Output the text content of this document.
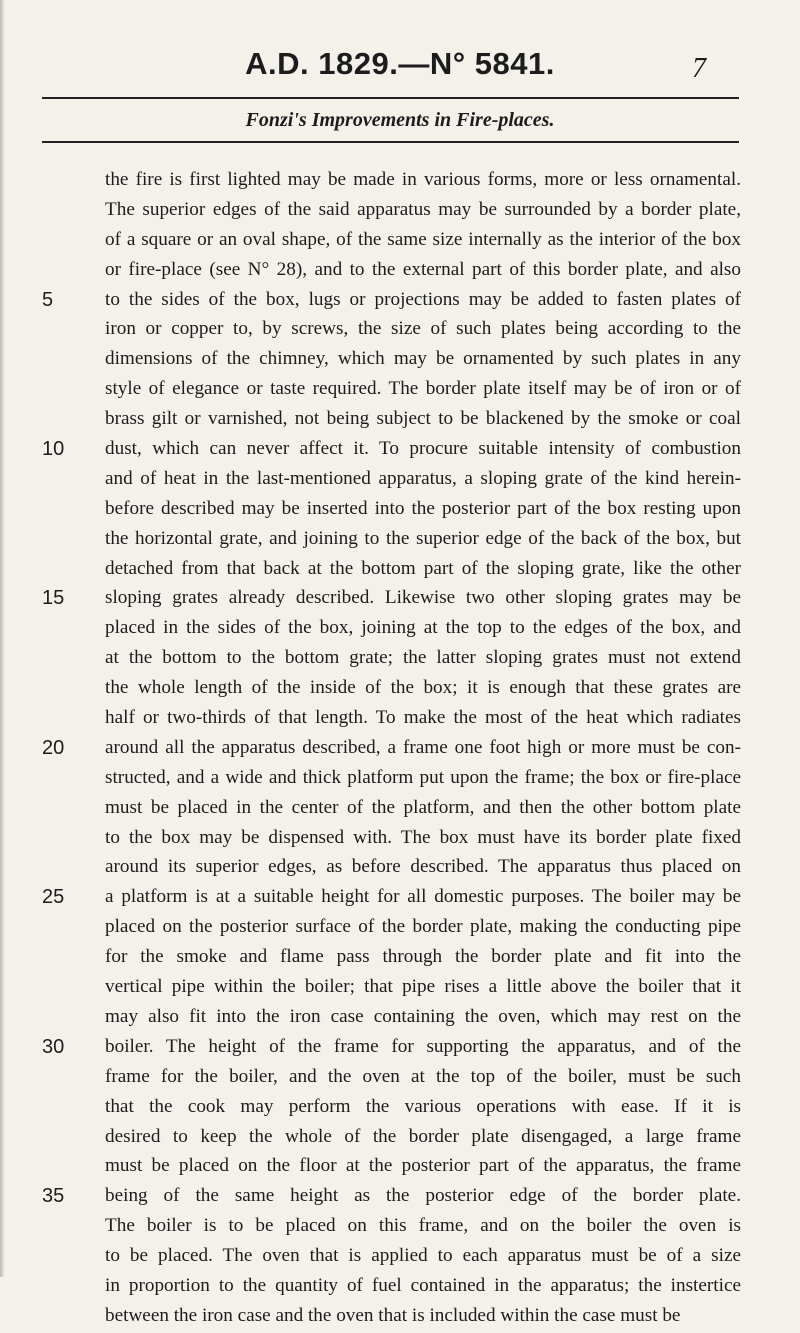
A.D. 1829.—N° 5841.	7
Fonzi's Improvements in Fire-places.
the fire is first lighted may be made in various forms, more or less ornamental.
The superior edges of the said apparatus may be surrounded by a border plate,
of a square or an oval shape, of the same size internally as the interior of the box
or fire-place (see N° 28), and to the external part of this border plate, and also
5	to the sides of the box, lugs or projections may be added to fasten plates of
iron or copper to, by screws, the size of such plates being according to the
dimensions of the chimney, which may be ornamented by such plates in any
style of elegance or taste required. The border plate itself may be of iron or of
brass gilt or varnished, not being subject to be blackened by the smoke or coal
10	dust, which can never affect it. To procure suitable intensity of combustion
and of heat in the last-mentioned apparatus, a sloping grate of the kind herein-
before described may be inserted into the posterior part of the box resting upon
the horizontal grate, and joining to the superior edge of the back of the box, but
detached from that back at the bottom part of the sloping grate, like the other
15	sloping grates already described. Likewise two other sloping grates may be
placed in the sides of the box, joining at the top to the edges of the box, and
at the bottom to the bottom grate; the latter sloping grates must not extend
the whole length of the inside of the box; it is enough that these grates are
half or two-thirds of that length. To make the most of the heat which radiates
20	around all the apparatus described, a frame one foot high or more must be con-
structed, and a wide and thick platform put upon the frame; the box or fire-place
must be placed in the center of the platform, and then the other bottom plate
to the box may be dispensed with. The box must have its border plate fixed
around its superior edges, as before described. The apparatus thus placed on
25	a platform is at a suitable height for all domestic purposes. The boiler may be
placed on the posterior surface of the border plate, making the conducting pipe
for the smoke and flame pass through the border plate and fit into the
vertical pipe within the boiler; that pipe rises a little above the boiler that it
may also fit into the iron case containing the oven, which may rest on the
30	boiler. The height of the frame for supporting the apparatus, and of the
frame for the boiler, and the oven at the top of the boiler, must be such
that the cook may perform the various operations with ease. If it is
desired to keep the whole of the border plate disengaged, a large frame
must be placed on the floor at the posterior part of the apparatus, the frame
35	being of the same height as the posterior edge of the border plate.
The boiler is to be placed on this frame, and on the boiler the oven is
to be placed. The oven that is applied to each apparatus must be of a size
in proportion to the quantity of fuel contained in the apparatus; the instertice
between the iron case and the oven that is included within the case must be
